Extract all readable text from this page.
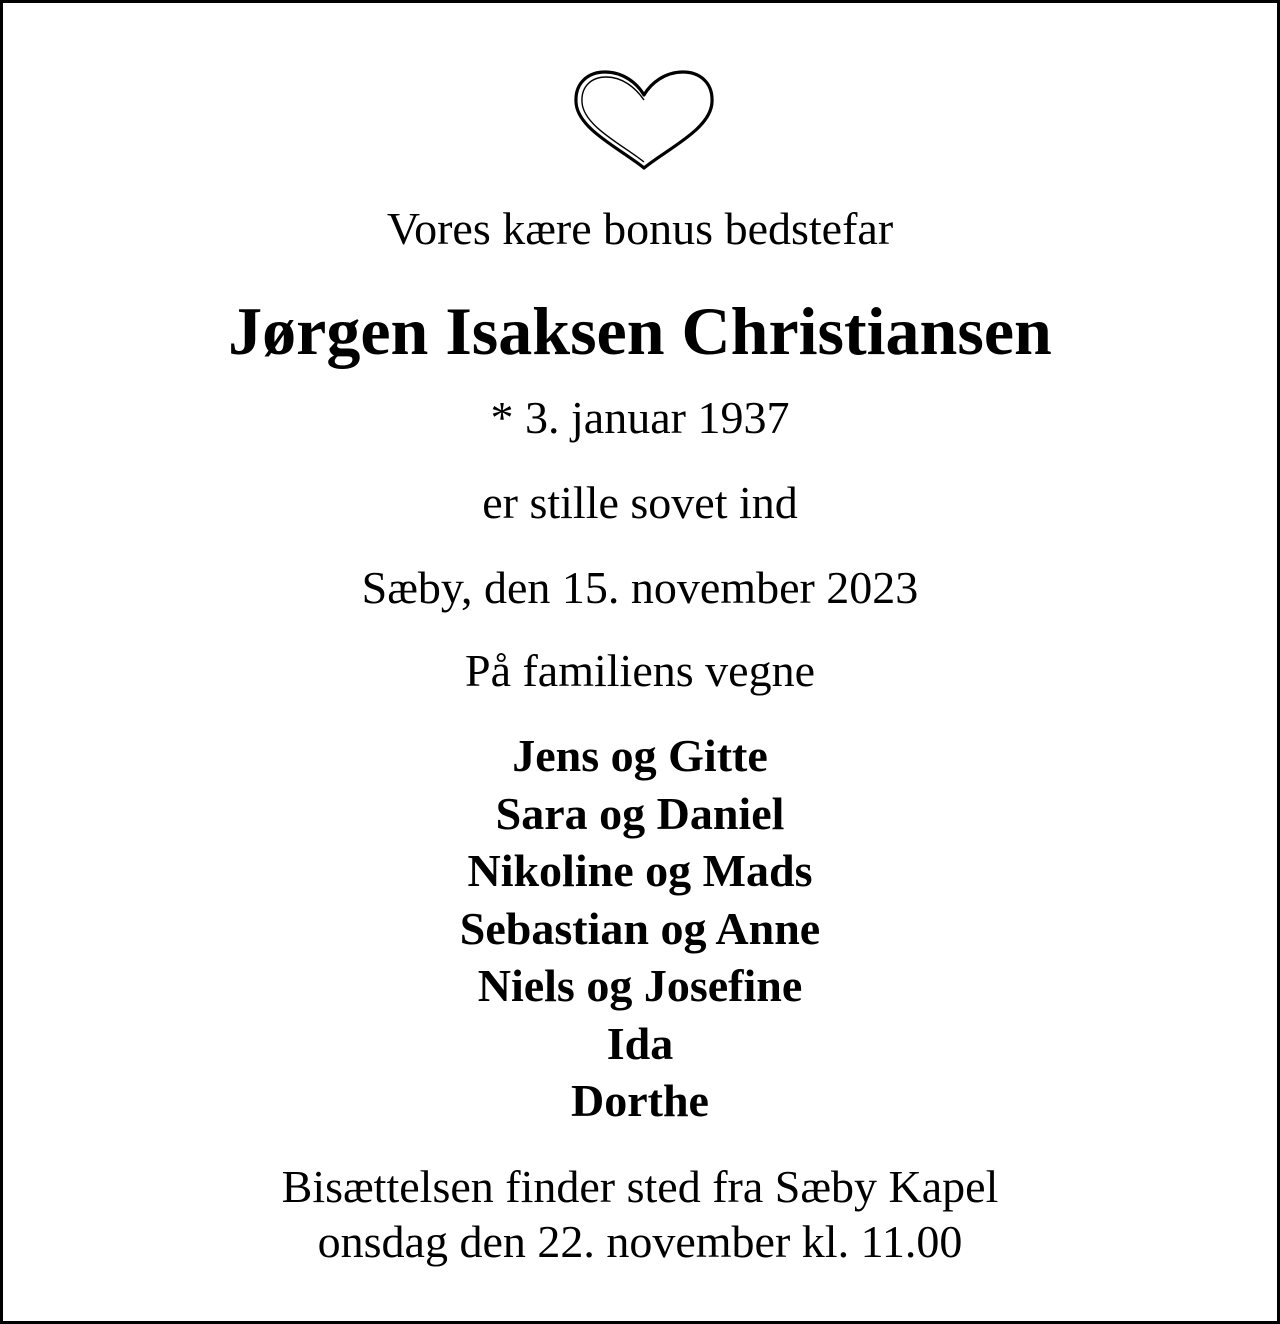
Vores kære bonus bedstefar
Jørgen Isaksen Christiansen
* 3. januar 1937
er stille sovet ind
Sæby, den 15. november 2023
På familiens vegne
Jens og Gitte
Sara og Daniel
Nikoline og Mads
Sebastian og Anne
Niels og Josefine
Ida
Dorthe
Bisættelsen finder sted fra Sæby Kapel
onsdag den 22. november kl. 11.00
